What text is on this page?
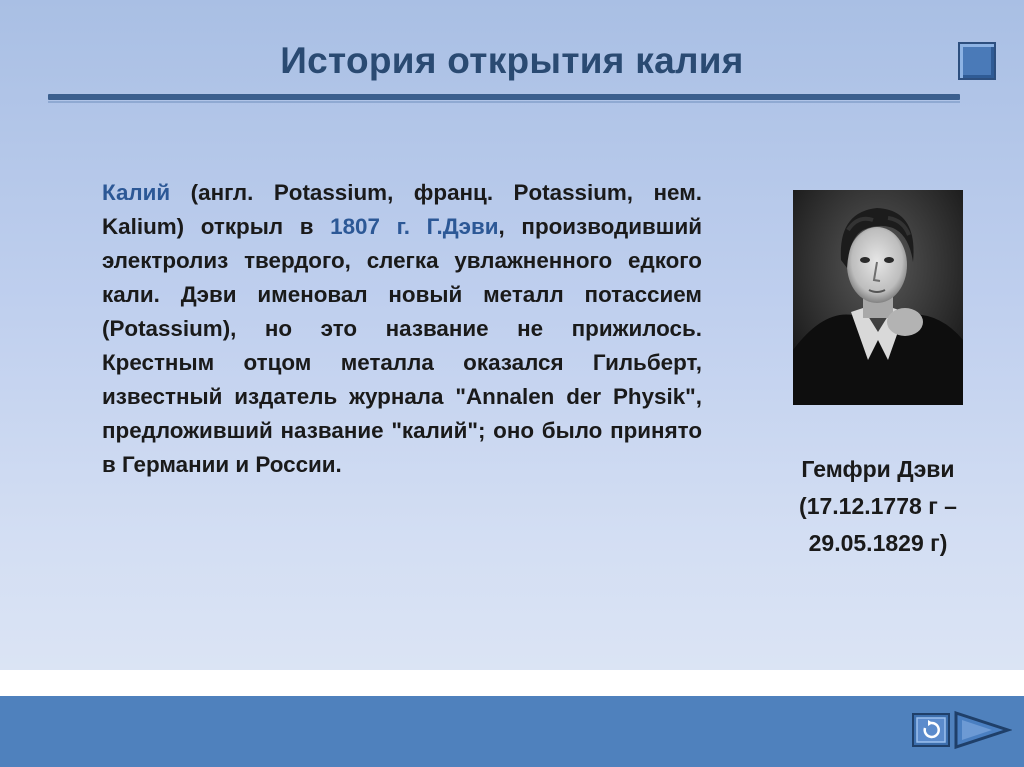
История открытия калия
Калий (англ. Potassium, франц. Potassium, нем. Kalium) открыл в 1807 г. Г.Дэви, производивший электролиз твердого, слегка увлажненного едкого кали. Дэви именовал новый металл потассием (Potassium), но это название не прижилось. Крестным отцом металла оказался Гильберт, известный издатель журнала "Annalen der Physik", предложивший название "калий"; оно было принято в Германии и России.	Гемфри Дэви
(17.12.1778 г –
29.05.1829 г)
